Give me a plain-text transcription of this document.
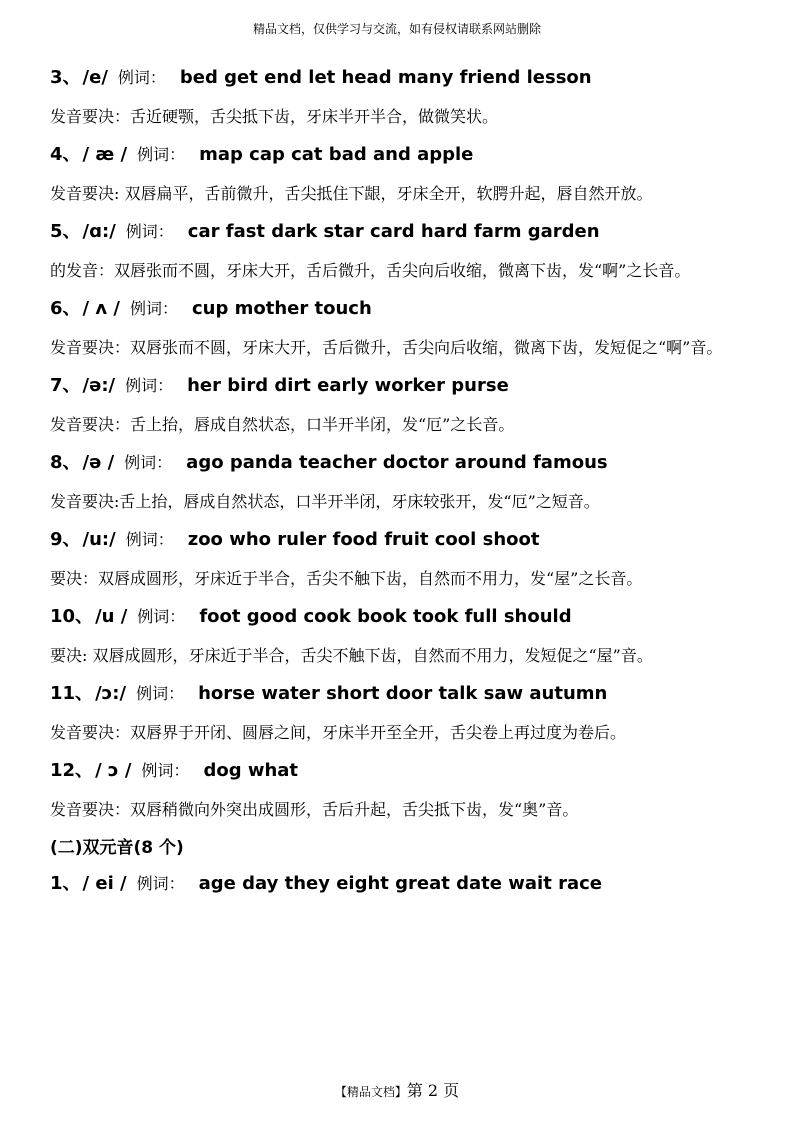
精品文档，仅供学习与交流，如有侵权请联系网站删除
3、 /e/ 例词： bed get end let head many friend lesson
发音要决：舌近硬颚，舌尖抵下齿，牙床半开半合，做微笑状。
4、 / æ / 例词： map cap cat bad and apple
发音要决: 双唇扁平，舌前微升，舌尖抵住下龈，牙床全开，软腭升起，唇自然开放。
5、 /ɑ:/ 例词： car fast dark star card hard farm garden
的发音：双唇张而不圆，牙床大开，舌后微升，舌尖向后收缩，微离下齿，发“啊”之长音。
6、 / ʌ / 例词： cup mother touch
发音要决：双唇张而不圆，牙床大开，舌后微升，舌尖向后收缩，微离下齿，发短促之“啊”音。
7、 /ə:/ 例词： her bird dirt early worker purse
发音要决：舌上抬，唇成自然状态，口半开半闭，发“厄”之长音。
8、 /ə / 例词： ago panda teacher doctor around famous
发音要决:舌上抬，唇成自然状态，口半开半闭，牙床较张开，发“厄”之短音。
9、 /u:/ 例词： zoo who ruler food fruit cool shoot
要决：双唇成圆形，牙床近于半合，舌尖不触下齿，自然而不用力，发“屋”之长音。
10、 /u / 例词： foot good cook book took full should
要决: 双唇成圆形，牙床近于半合，舌尖不触下齿，自然而不用力，发短促之“屋”音。
11、 /ɔ:/ 例词： horse water short door talk saw autumn
发音要决：双唇界于开闭、圆唇之间，牙床半开至全开，舌尖卷上再过度为卷后。
12、 / ɔ / 例词： dog what
发音要决：双唇稍微向外突出成圆形，舌后升起，舌尖抵下齿，发“奥”音。
(二)双元音(8 个)
1、 / ei / 例词： age day they eight great date wait race
【精品文档】第 2 页
